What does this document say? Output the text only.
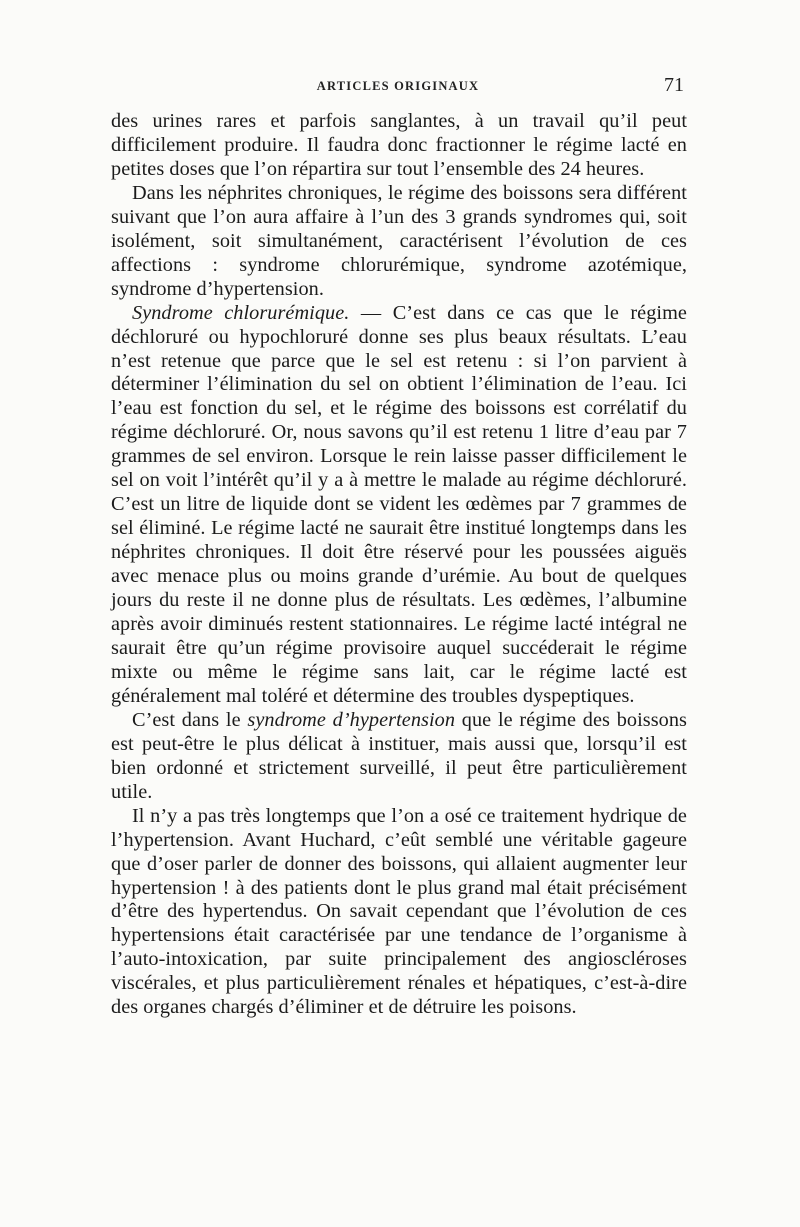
ARTICLES ORIGINAUX	71

des urines rares et parfois sanglantes, à un travail qu’il peut difficilement produire. Il faudra donc fractionner le régime lacté en petites doses que l’on répartira sur tout l’ensemble des 24 heures.

Dans les néphrites chroniques, le régime des boissons sera différent suivant que l’on aura affaire à l’un des 3 grands syndromes qui, soit isolément, soit simultanément, caractérisent l’évolution de ces affections : syndrome chlorurémique, syndrome azotémique, syndrome d’hypertension.

Syndrome chlorurémique. — C’est dans ce cas que le régime déchloruré ou hypochloruré donne ses plus beaux résultats. L’eau n’est retenue que parce que le sel est retenu : si l’on parvient à déterminer l’élimination du sel on obtient l’élimination de l’eau. Ici l’eau est fonction du sel, et le régime des boissons est corrélatif du régime déchloruré. Or, nous savons qu’il est retenu 1 litre d’eau par 7 grammes de sel environ. Lorsque le rein laisse passer difficilement le sel on voit l’intérêt qu’il y a à mettre le malade au régime déchloruré. C’est un litre de liquide dont se vident les œdèmes par 7 grammes de sel éliminé. Le régime lacté ne saurait être institué longtemps dans les néphrites chroniques. Il doit être réservé pour les poussées aiguës avec menace plus ou moins grande d’urémie. Au bout de quelques jours du reste il ne donne plus de résultats. Les œdèmes, l’albumine après avoir diminués restent stationnaires. Le régime lacté intégral ne saurait être qu’un régime provisoire auquel succéderait le régime mixte ou même le régime sans lait, car le régime lacté est généralement mal toléré et détermine des troubles dyspeptiques.

C’est dans le syndrome d’hypertension que le régime des boissons est peut-être le plus délicat à instituer, mais aussi que, lorsqu’il est bien ordonné et strictement surveillé, il peut être particulièrement utile.

Il n’y a pas très longtemps que l’on a osé ce traitement hydrique de l’hypertension. Avant Huchard, c’eût semblé une véritable gageure que d’oser parler de donner des boissons, qui allaient augmenter leur hypertension ! à des patients dont le plus grand mal était précisément d’être des hypertendus. On savait cependant que l’évolution de ces hypertensions était caractérisée par une tendance de l’organisme à l’auto-intoxication, par suite principalement des angioscléroses viscérales, et plus particulièrement rénales et hépatiques, c’est-à-dire des organes chargés d’éliminer et de détruire les poisons.
